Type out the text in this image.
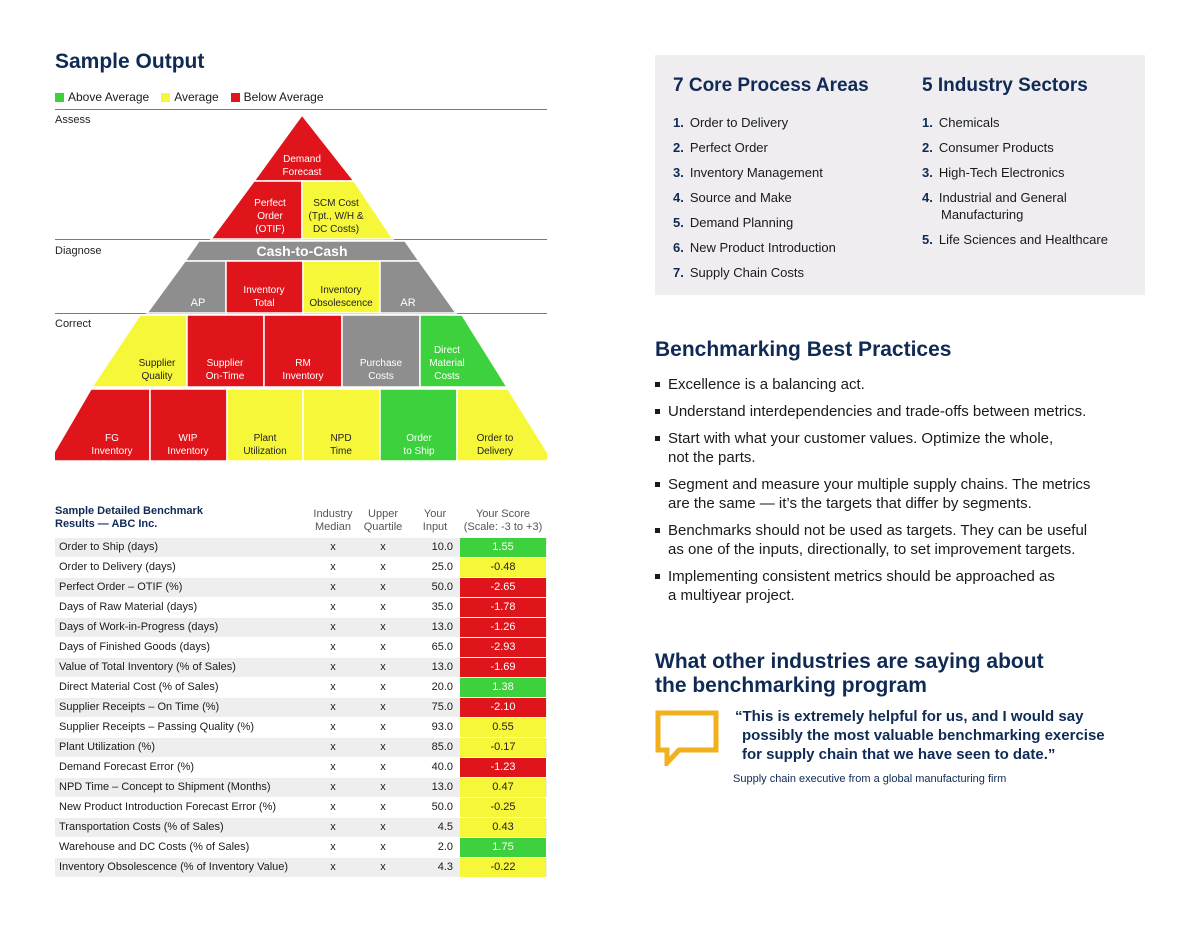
Sample Output
Above Average Average Below Average
Assess
Diagnose
Correct
Demand
Forecast
Perfect
Order
(OTIF)
SCM Cost
(Tpt., W/H &
DC Costs)
Cash-to-Cash
AP
Inventory
Total
Inventory
Obsolescence	AR
Supplier
Quality
Supplier
On-Time
RM
Inventory
Purchase
Costs
Direct
Material
Costs
FG
Inventory
WIP
Inventory
Plant
Utilization
NPD
Time
Order
to Ship
Order to
Delivery
Sample Detailed Benchmark
Results — ABC Inc.
Industry
Median
Upper
Quartile
Your
Input
Your Score
(Scale: -3 to +3)
Order to Ship (days)	x	x	10.0	1.55
Order to Delivery (days)	x	x	25.0	-0.48
Perfect Order – OTIF (%)	x	x	50.0	-2.65
Days of Raw Material (days)	x	x	35.0	-1.78
Days of Work-in-Progress (days)	x	x	13.0	-1.26
Days of Finished Goods (days)	x	x	65.0	-2.93
Value of Total Inventory (% of Sales)	x	x	13.0	-1.69
Direct Material Cost (% of Sales)	x	x	20.0	1.38
Supplier Receipts – On Time (%)	x	x	75.0	-2.10
Supplier Receipts – Passing Quality (%)	x	x	93.0	0.55
Plant Utilization (%)	x	x	85.0	-0.17
Demand Forecast Error (%)	x	x	40.0	-1.23
NPD Time – Concept to Shipment (Months)	x	x	13.0	0.47
New Product Introduction Forecast Error (%)	x	x	50.0	-0.25
Transportation Costs (% of Sales)	x	x	4.5	0.43
Warehouse and DC Costs (% of Sales)	x	x	2.0	1.75
Inventory Obsolescence (% of Inventory Value)	x	x	4.3	-0.22
7 Core Process Areas
1. Order to Delivery
2. Perfect Order
3. Inventory Management
4. Source and Make
5. Demand Planning
6. New Product Introduction
7. Supply Chain Costs
5 Industry Sectors
1. Chemicals
2. Consumer Products
3. High-Tech Electronics
4. Industrial and General
Manufacturing
5. Life Sciences and Healthcare
Benchmarking Best Practices
Excellence is a balancing act.
Understand interdependencies and trade-offs between metrics.
Start with what your customer values. Optimize the whole,
not the parts.
Segment and measure your multiple supply chains. The metrics
are the same — it’s the targets that differ by segments.
Benchmarks should not be used as targets. They can be useful
as one of the inputs, directionally, to set improvement targets.
Implementing consistent metrics should be approached as
a multiyear project.
What other industries are saying about
the benchmarking program
“This is extremely helpful for us, and I would say
possibly the most valuable benchmarking exercise
for supply chain that we have seen to date.”
Supply chain executive from a global manufacturing firm
